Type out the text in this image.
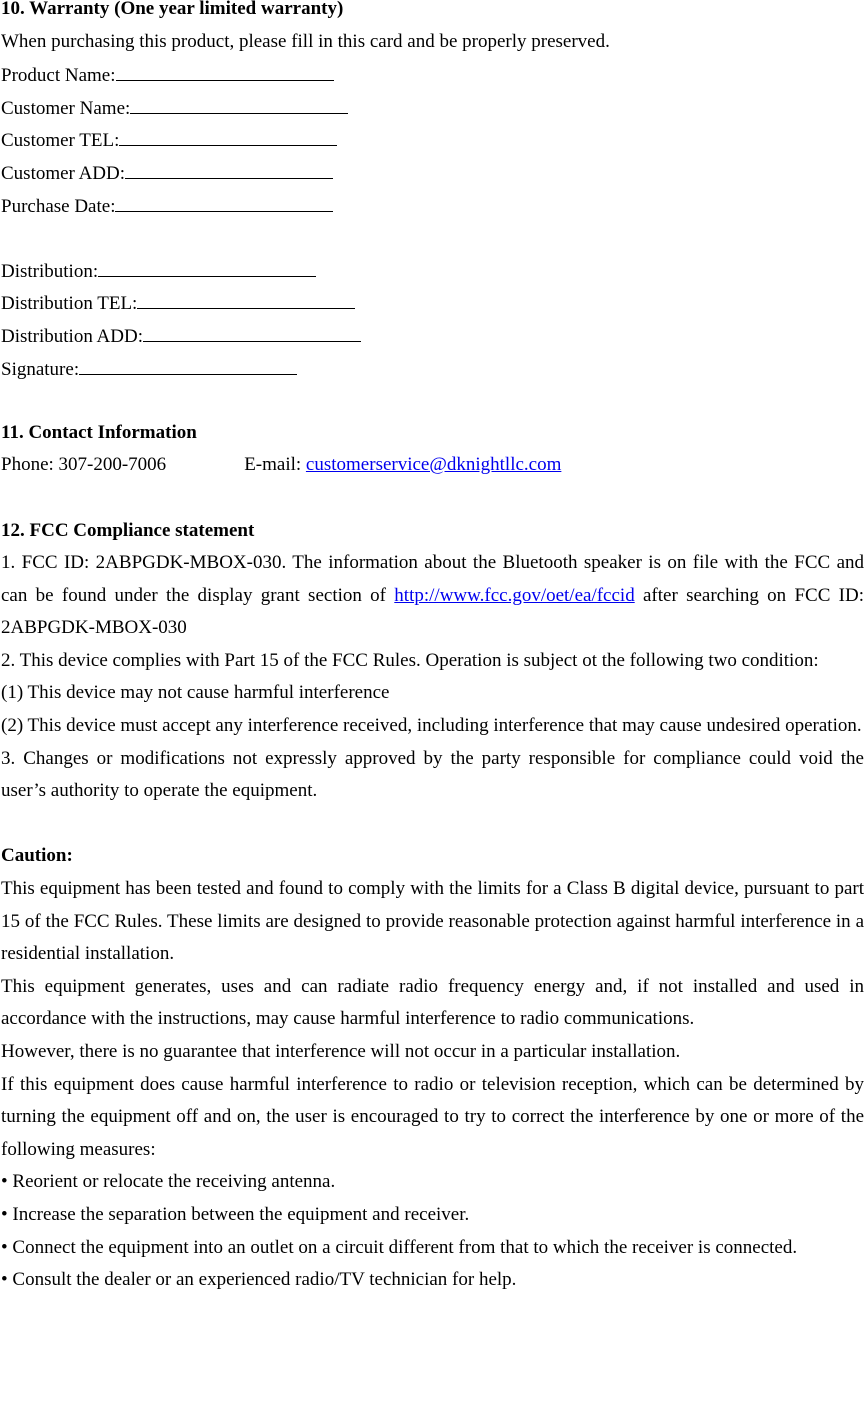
10. Warranty (One year limited warranty)
When purchasing this product, please fill in this card and be properly preserved.
Product Name:
Customer Name:
Customer TEL:
Customer ADD:
Purchase Date:
Distribution:
Distribution TEL:
Distribution ADD:
Signature:
11. Contact Information
Phone: 307-200-7006	E-mail: customerservice@dknightllc.com
12. FCC Compliance statement
1. FCC ID: 2ABPGDK-MBOX-030. The information about the Bluetooth speaker is on file with the FCC and can be found under the display grant section of http://www.fcc.gov/oet/ea/fccid after searching on FCC ID: 2ABPGDK-MBOX-030
2. This device complies with Part 15 of the FCC Rules. Operation is subject ot the following two condition:
(1) This device may not cause harmful interference
(2) This device must accept any interference received, including interference that may cause undesired operation.
3. Changes or modifications not expressly approved by the party responsible for compliance could void the user’s authority to operate the equipment.
Caution:
This equipment has been tested and found to comply with the limits for a Class B digital device, pursuant to part 15 of the FCC Rules. These limits are designed to provide reasonable protection against harmful interference in a residential installation.
This equipment generates, uses and can radiate radio frequency energy and, if not installed and used in accordance with the instructions, may cause harmful interference to radio communications.
However, there is no guarantee that interference will not occur in a particular installation.
If this equipment does cause harmful interference to radio or television reception, which can be determined by turning the equipment off and on, the user is encouraged to try to correct the interference by one or more of the following measures:
• Reorient or relocate the receiving antenna.
• Increase the separation between the equipment and receiver.
• Connect the equipment into an outlet on a circuit different from that to which the receiver is connected.
• Consult the dealer or an experienced radio/TV technician for help.
